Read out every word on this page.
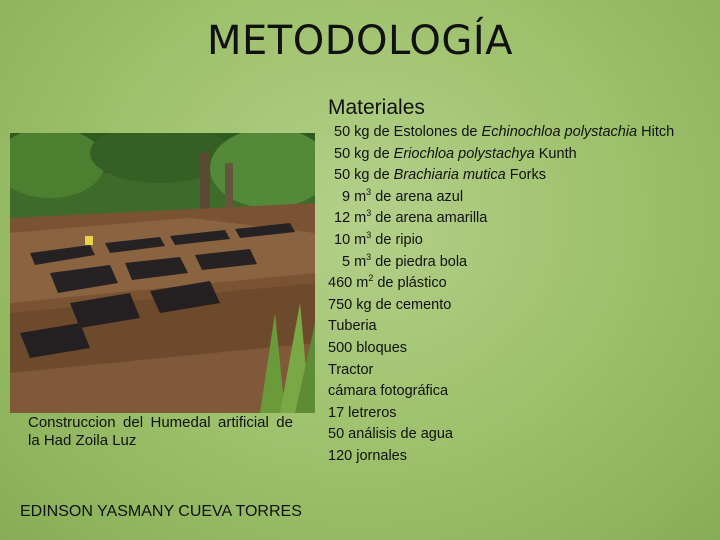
METODOLOGÍA
Construccion del Humedal artificial de la Had Zoila Luz
EDINSON YASMANY CUEVA TORRES
Materiales
50 kg de Estolones de Echinochloa polystachia Hitch
50 kg de Eriochloa polystachya Kunth
50 kg de Brachiaria mutica Forks
9 $m^3$ de arena azul
12 $m^3$ de arena amarilla
10 $m^3$ de ripio
5 $m^3$ de piedra bola
460 $m^2$ de plástico
750 kg de cemento
Tuberia
500 bloques
Tractor
cámara fotográfica
17 letreros
50 análisis de agua
120 jornales
